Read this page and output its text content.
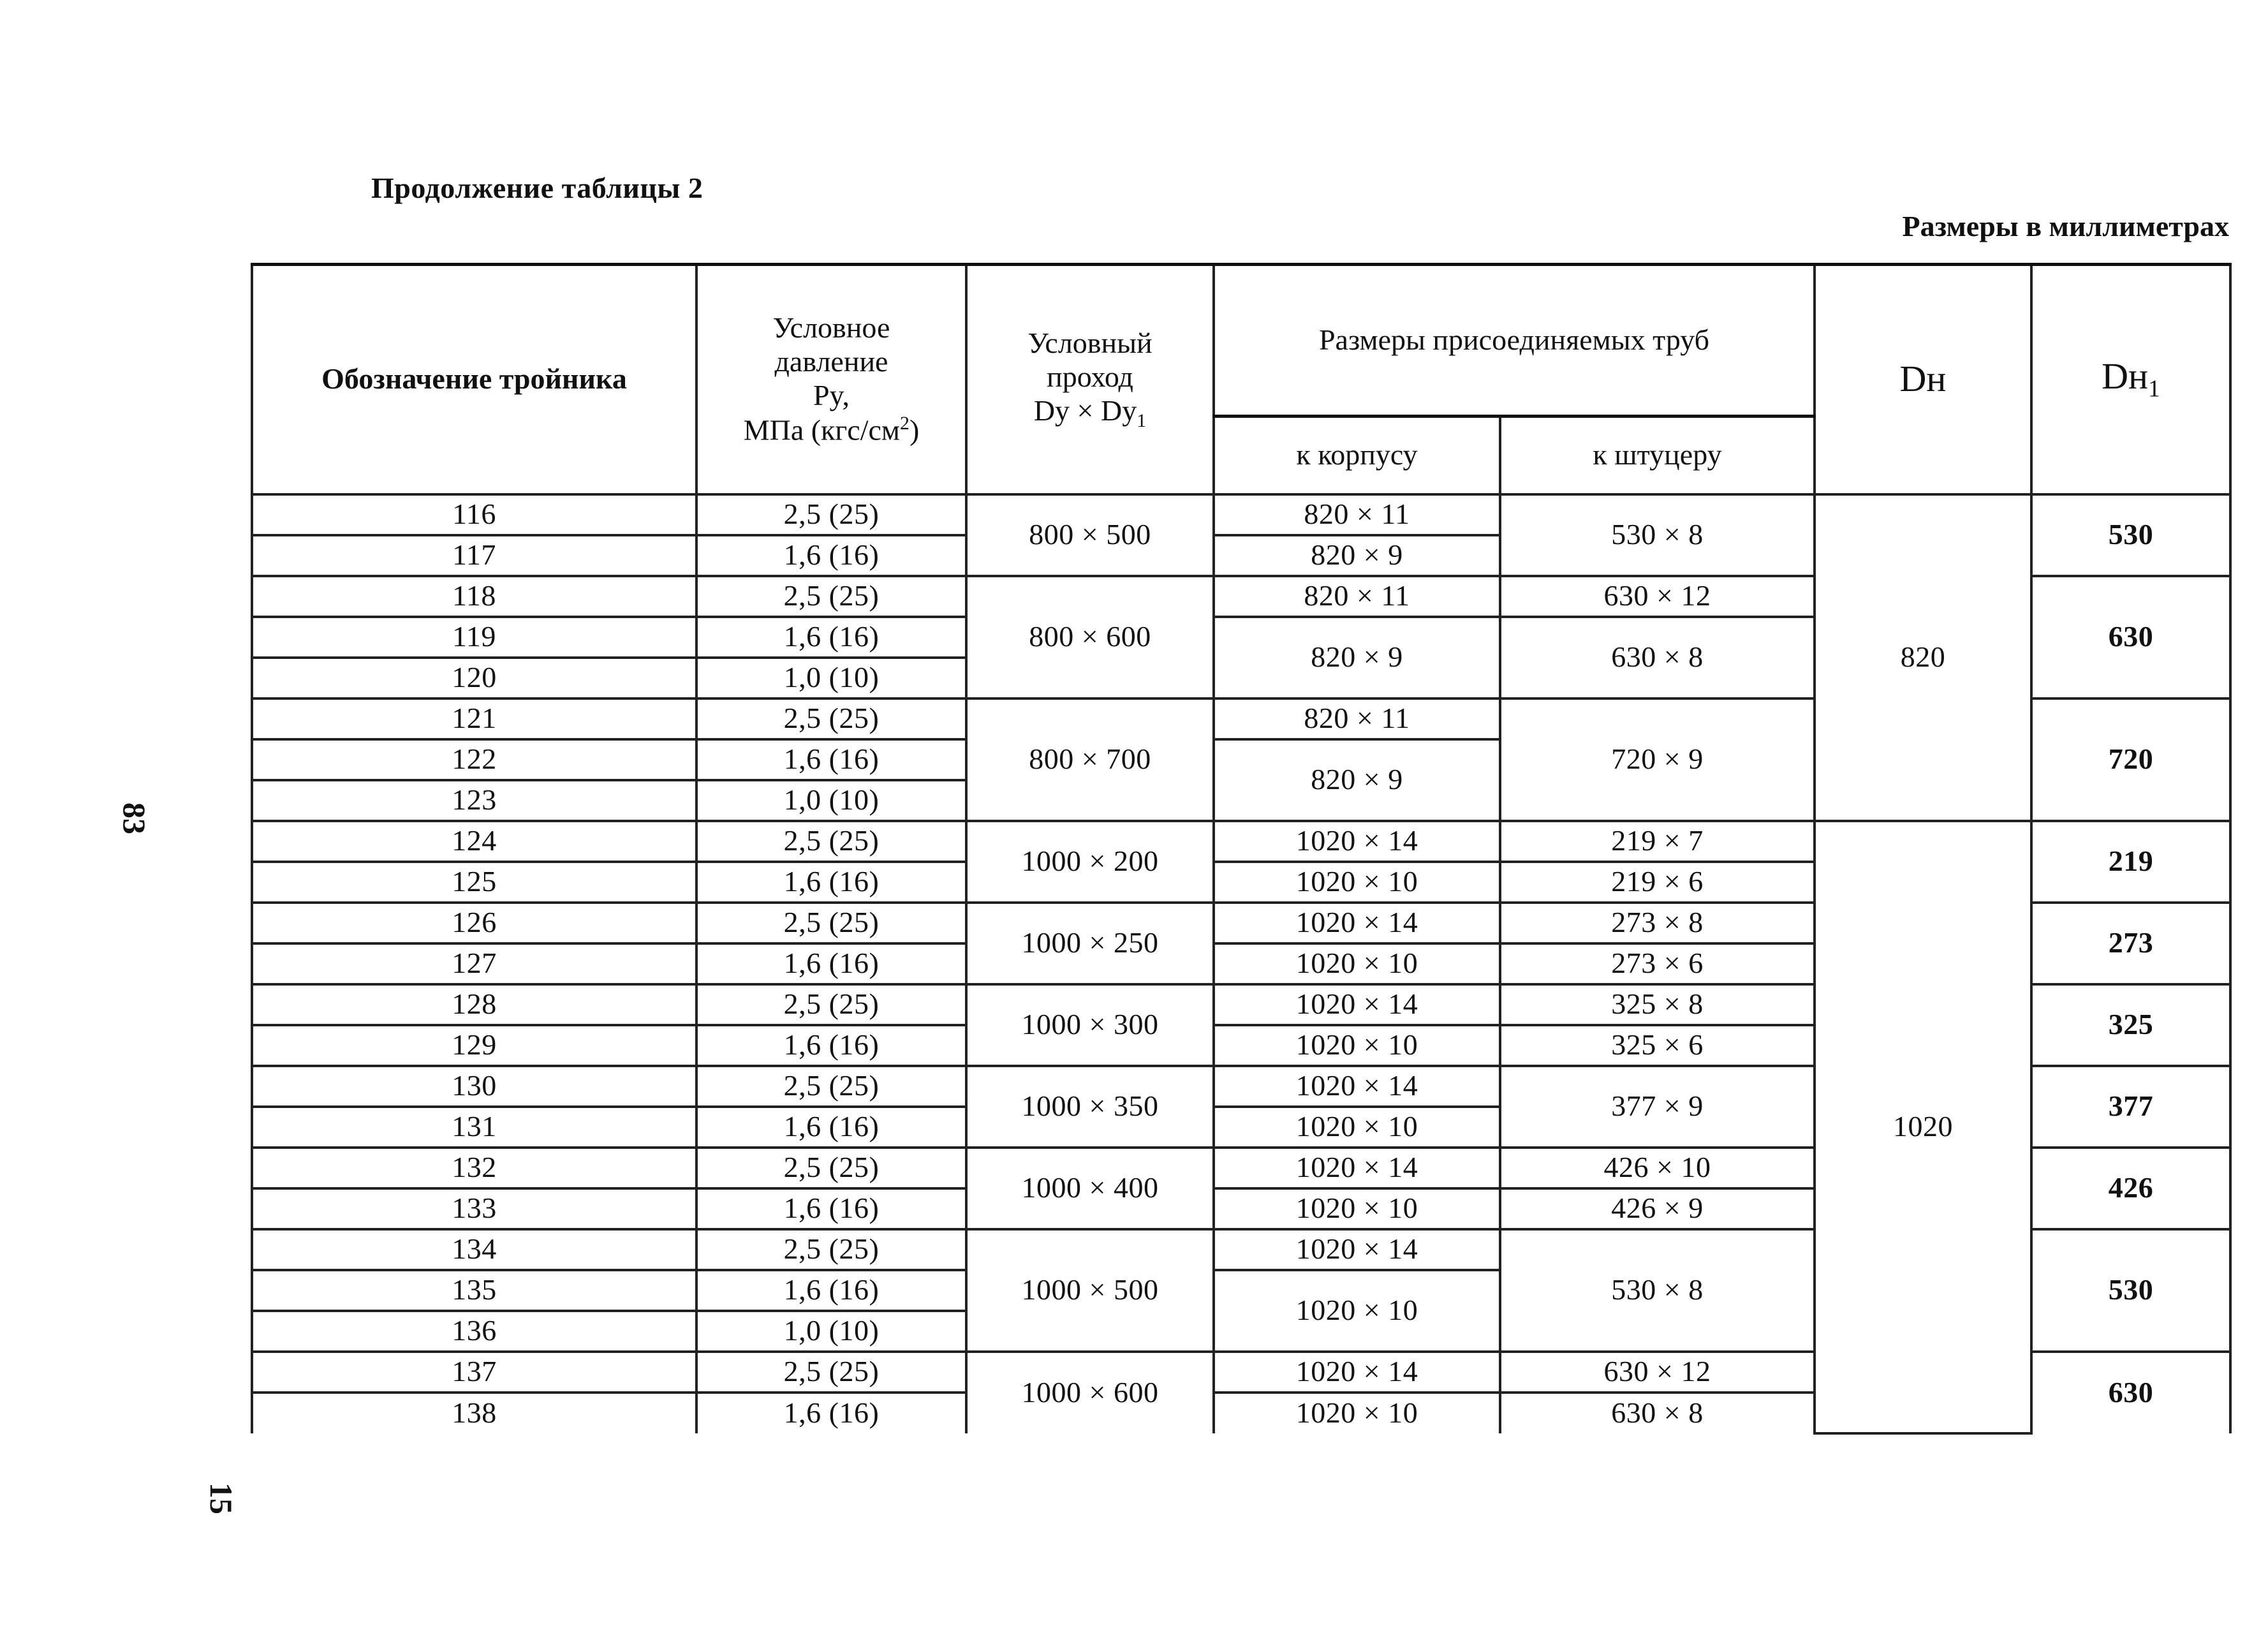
Продолжение таблицы 2
Размеры в миллиметрах
83
15
Обозначение тройника	Условное
давление
Py,
МПа $(кгс/см^2)$	Условный
проход
$Dy \times Dy_1$	Размеры присоединяемых труб		Dн	$Dн_1$
			к корпусу	к штуцеру		
116	2,5 (25)	800 × 500	820 × 11	530 × 8	820	530
117	1,6 (16)		820 × 9			
118	2,5 (25)	800 × 600	820 × 11	630 × 12		630
119	1,6 (16)		820 × 9	630 × 8		
120	1,0 (10)					
121	2,5 (25)	800 × 700	820 × 11	720 × 9		720
122	1,6 (16)		820 × 9			
123	1,0 (10)					
124	2,5 (25)	1000 × 200	1020 × 14	219 × 7	1020	219
125	1,6 (16)		1020 × 10	219 × 6		
126	2,5 (25)	1000 × 250	1020 × 14	273 × 8		273
127	1,6 (16)		1020 × 10	273 × 6		
128	2,5 (25)	1000 × 300	1020 × 14	325 × 8		325
129	1,6 (16)		1020 × 10	325 × 6		
130	2,5 (25)	1000 × 350	1020 × 14	377 × 9		377
131	1,6 (16)		1020 × 10			
132	2,5 (25)	1000 × 400	1020 × 14	426 × 10		426
133	1,6 (16)		1020 × 10	426 × 9		
134	2,5 (25)	1000 × 500	1020 × 14	530 × 8		530
135	1,6 (16)		1020 × 10			
136	1,0 (10)					
137	2,5 (25)	1000 × 600	1020 × 14	630 × 12		630
138	1,6 (16)		1020 × 10	630 × 8		
